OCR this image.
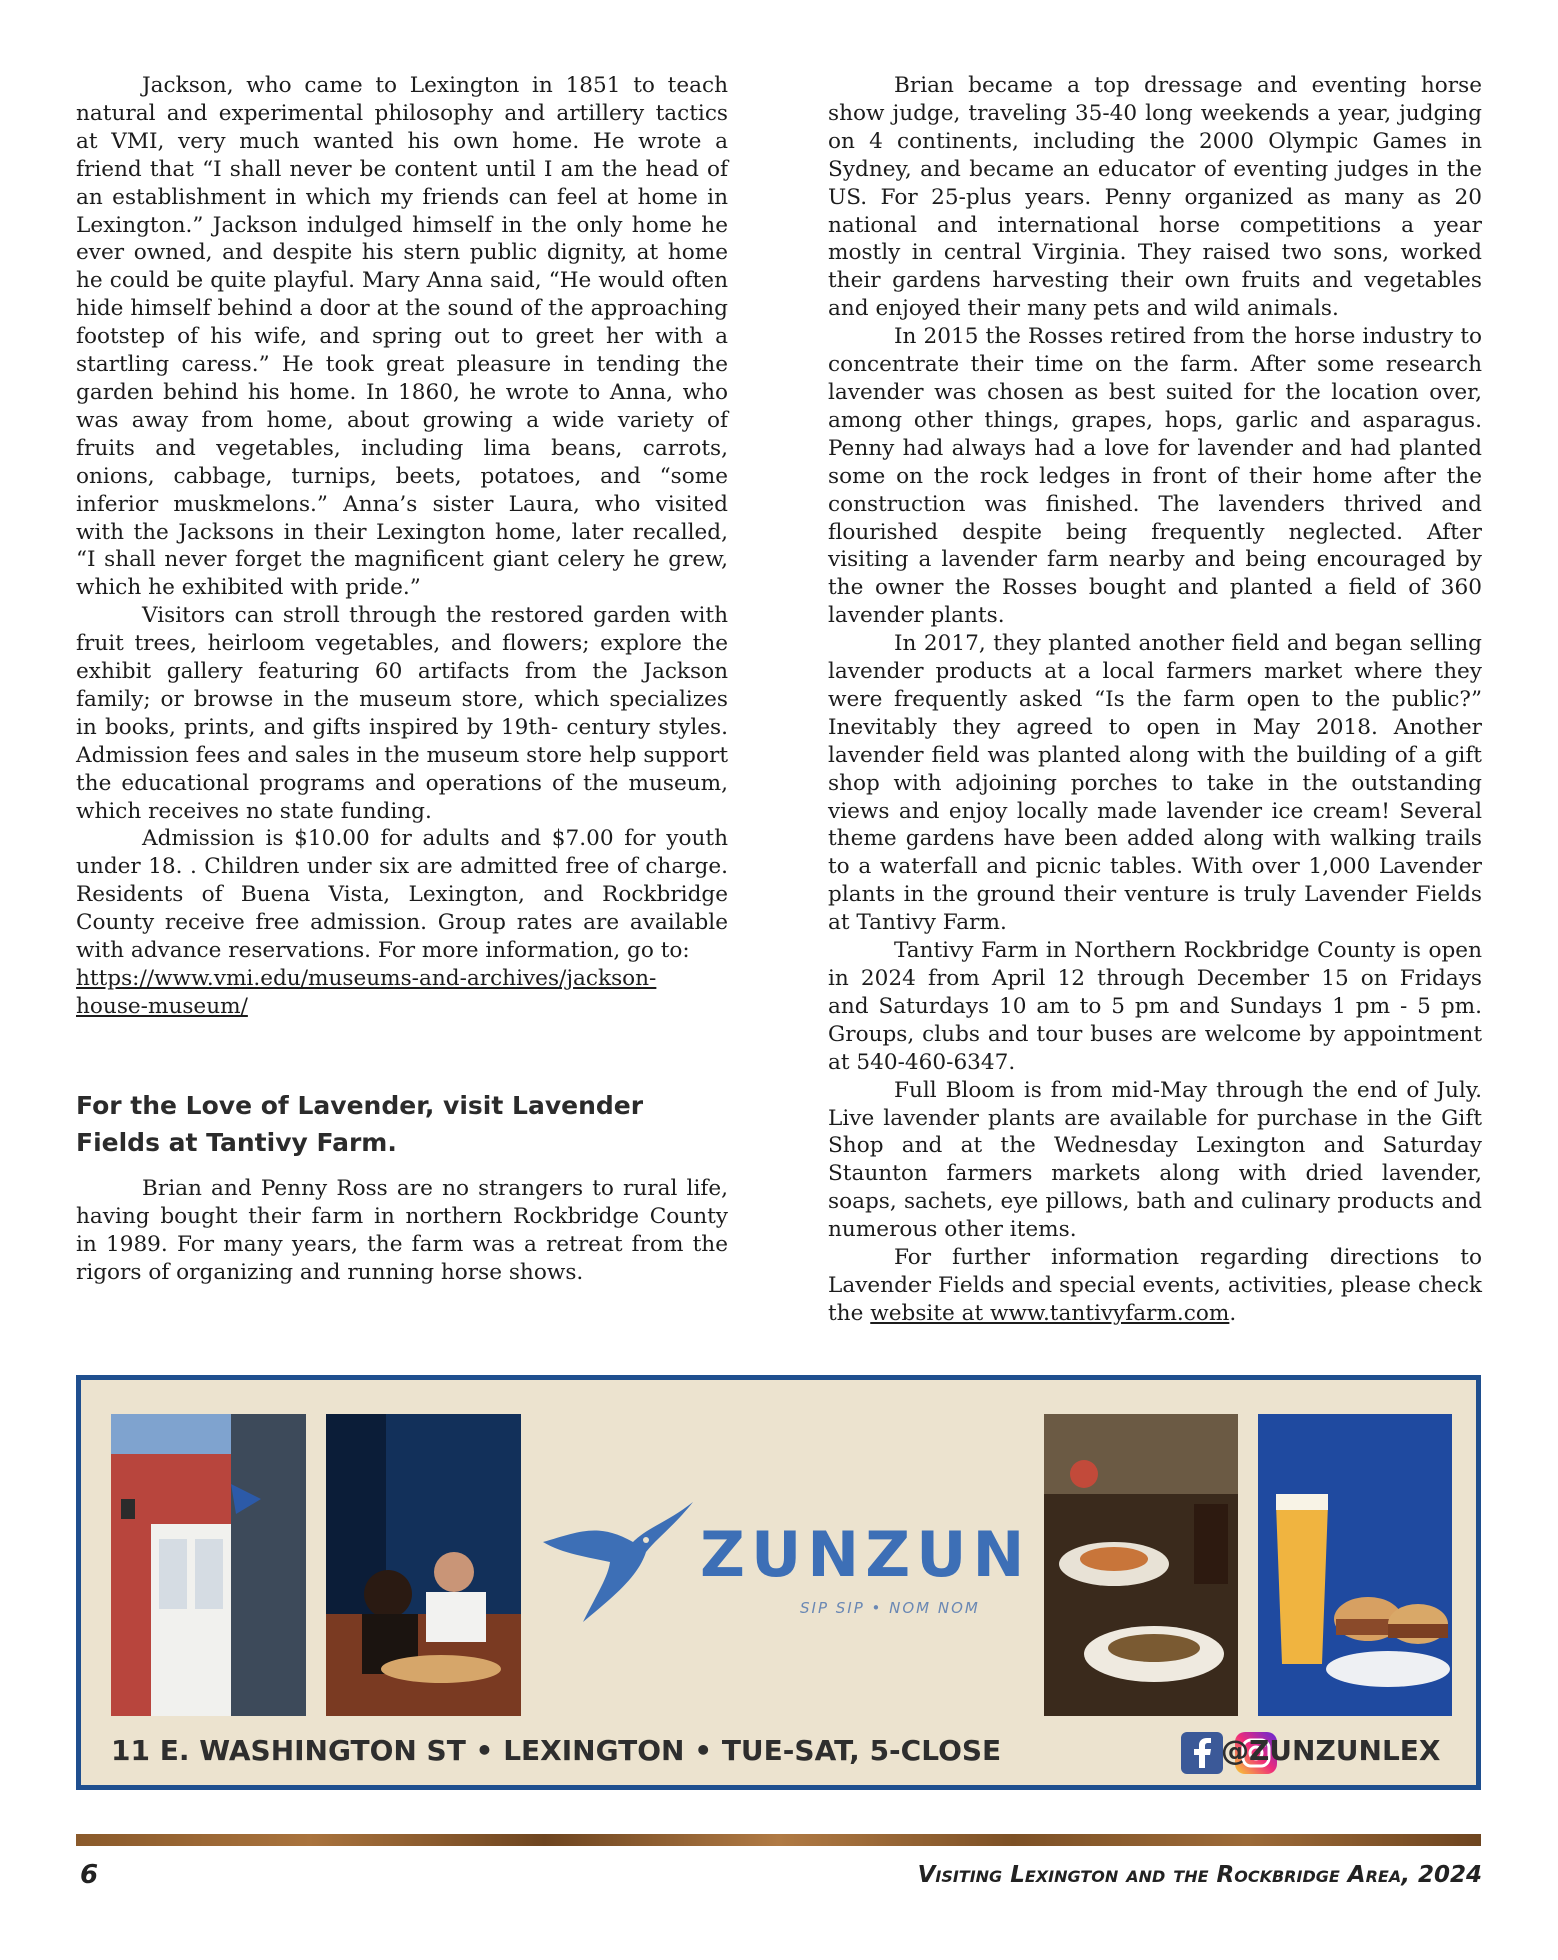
Jackson, who came to Lexington in 1851 to teach natural and experimental philosophy and artillery tactics at VMI, very much wanted his own home. He wrote a friend that “I shall never be content until I am the head of an establishment in which my friends can feel at home in Lexington.” Jackson indulged himself in the only home he ever owned, and despite his stern public dignity, at home he could be quite playful. Mary Anna said, “He would often hide himself behind a door at the sound of the approaching footstep of his wife, and spring out to greet her with a startling caress.” He took great pleasure in tending the garden behind his home. In 1860, he wrote to Anna, who was away from home, about growing a wide variety of fruits and vegetables, including lima beans, carrots, onions, cabbage, turnips, beets, potatoes, and “some inferior muskmelons.” Anna’s sister Laura, who visited with the Jacksons in their Lexington home, later recalled, “I shall never forget the magnificent giant celery he grew, which he exhibited with pride.”

Visitors can stroll through the restored garden with fruit trees, heirloom vegetables, and flowers; explore the exhibit gallery featuring 60 artifacts from the Jackson family; or browse in the museum store, which specializes in books, prints, and gifts inspired by 19th- century styles. Admission fees and sales in the museum store help support the educational programs and operations of the museum, which receives no state funding.

Admission is $10.00 for adults and $7.00 for youth under 18. . Children under six are admitted free of charge. Residents of Buena Vista, Lexington, and Rockbridge County receive free admission. Group rates are available with advance reservations. For more information, go to:
https://www.vmi.edu/museums-and-archives/jackson-house-museum/

For the Love of Lavender, visit Lavender Fields at Tantivy Farm.

Brian and Penny Ross are no strangers to rural life, having bought their farm in northern Rockbridge County in 1989. For many years, the farm was a retreat from the rigors of organizing and running horse shows.

Brian became a top dressage and eventing horse show judge, traveling 35-40 long weekends a year, judging on 4 continents, including the 2000 Olympic Games in Sydney, and became an educator of eventing judges in the US. For 25-plus years. Penny organized as many as 20 national and international horse competitions a year mostly in central Virginia. They raised two sons, worked their gardens harvesting their own fruits and vegetables and enjoyed their many pets and wild animals.

In 2015 the Rosses retired from the horse industry to concentrate their time on the farm. After some research lavender was chosen as best suited for the location over, among other things, grapes, hops, garlic and asparagus. Penny had always had a love for lavender and had planted some on the rock ledges in front of their home after the construction was finished. The lavenders thrived and flourished despite being frequently neglected. After visiting a lavender farm nearby and being encouraged by the owner the Rosses bought and planted a field of 360 lavender plants.

In 2017, they planted another field and began selling lavender products at a local farmers market where they were frequently asked “Is the farm open to the public?” Inevitably they agreed to open in May 2018. Another lavender field was planted along with the building of a gift shop with adjoining porches to take in the outstanding views and enjoy locally made lavender ice cream! Several theme gardens have been added along with walking trails to a waterfall and picnic tables. With over 1,000 Lavender plants in the ground their venture is truly Lavender Fields at Tantivy Farm.

Tantivy Farm in Northern Rockbridge County is open in 2024 from April 12 through December 15 on Fridays and Saturdays 10 am to 5 pm and Sundays 1 pm - 5 pm. Groups, clubs and tour buses are welcome by appointment at 540-460-6347.

Full Bloom is from mid-May through the end of July. Live lavender plants are available for purchase in the Gift Shop and at the Wednesday Lexington and Saturday Staunton farmers markets along with dried lavender, soaps, sachets, eye pillows, bath and culinary products and numerous other items.

For further information regarding directions to Lavender Fields and special events, activities, please check the website at www.tantivyfarm.com.

ZUNZUN
SIP SIP • NOM NOM
11 E. WASHINGTON ST • LEXINGTON • TUE-SAT, 5-CLOSE	@ZUNZUNLEX
6	Visiting Lexington and the Rockbridge Area, 2024
